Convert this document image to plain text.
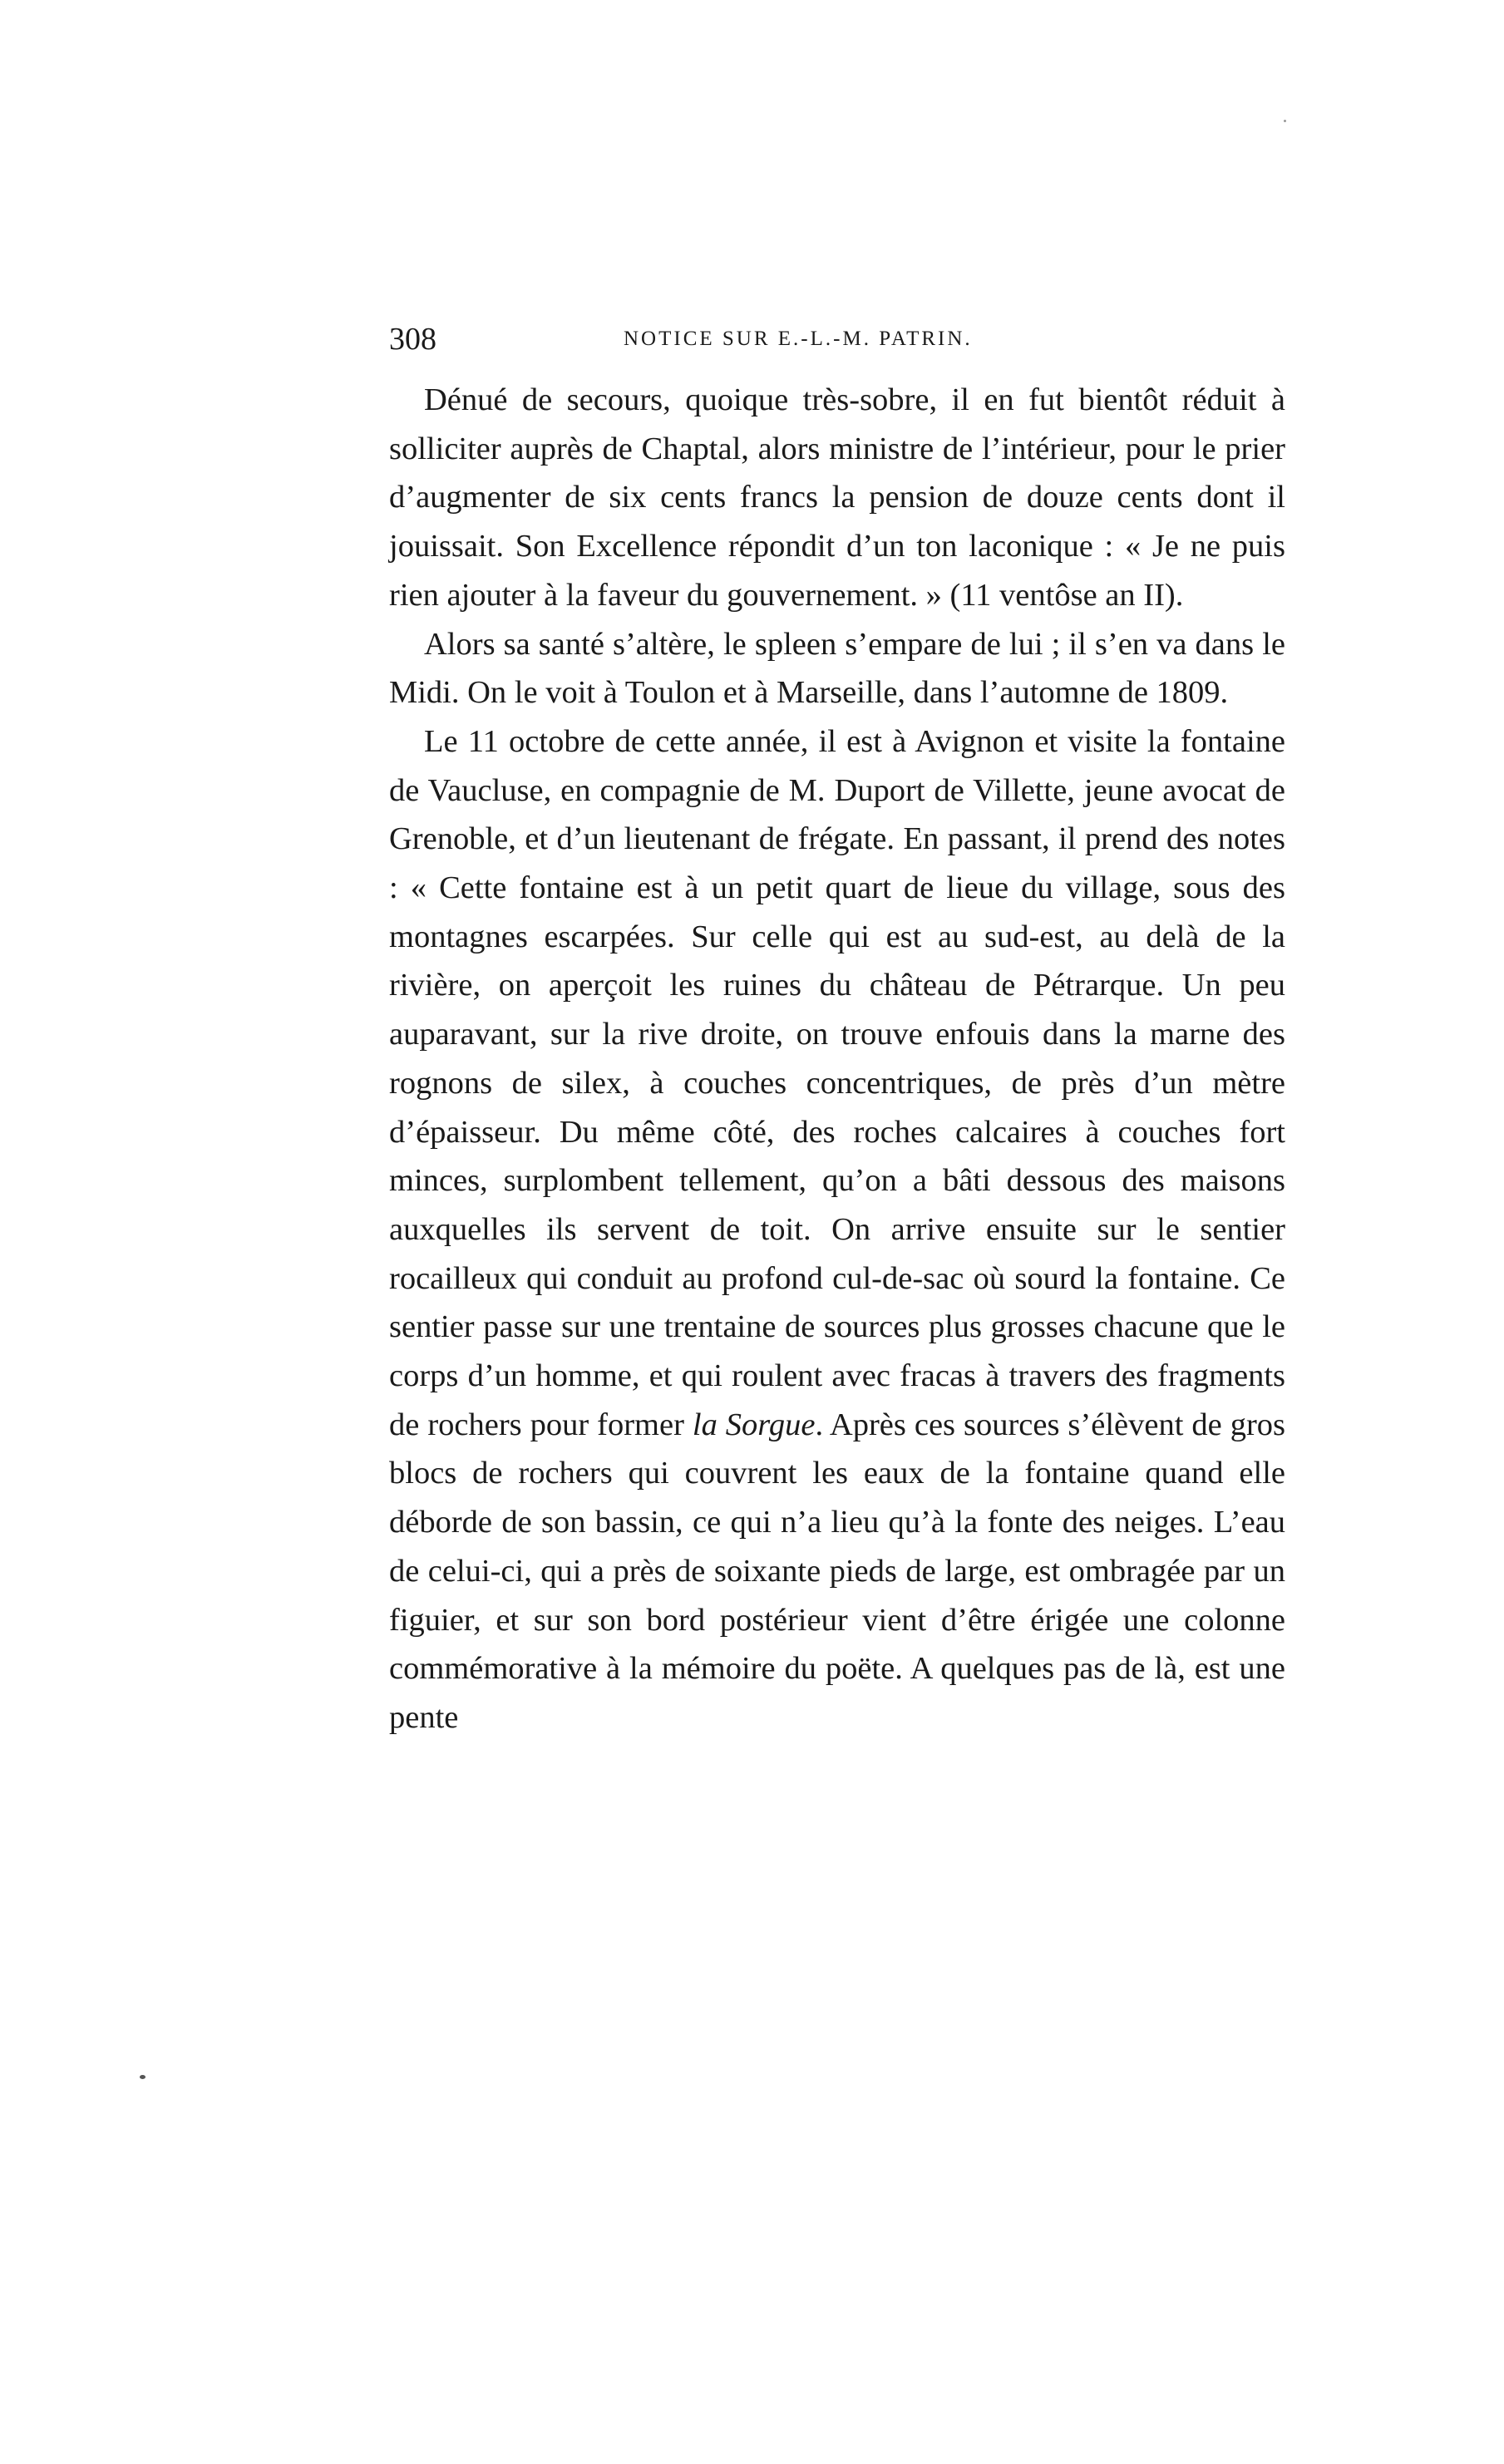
308	NOTICE SUR E.-L.-M. PATRIN.

Dénué de secours, quoique très-sobre, il en fut bientôt réduit à solliciter auprès de Chaptal, alors ministre de l’intérieur, pour le prier d’augmenter de six cents francs la pension de douze cents dont il jouissait. Son Excellence répondit d’un ton laconique : « Je ne puis rien ajouter à la faveur du gouvernement. » (11 ventôse an II).

Alors sa santé s’altère, le spleen s’empare de lui ; il s’en va dans le Midi. On le voit à Toulon et à Marseille, dans l’automne de 1809.

Le 11 octobre de cette année, il est à Avignon et visite la fontaine de Vaucluse, en compagnie de M. Duport de Villette, jeune avocat de Grenoble, et d’un lieutenant de frégate. En passant, il prend des notes : « Cette fontaine est à un petit quart de lieue du village, sous des montagnes escarpées. Sur celle qui est au sud-est, au delà de la rivière, on aperçoit les ruines du château de Pétrarque. Un peu auparavant, sur la rive droite, on trouve enfouis dans la marne des rognons de silex, à couches concentriques, de près d’un mètre d’épaisseur. Du même côté, des roches calcaires à couches fort minces, surplombent tellement, qu’on a bâti dessous des maisons auxquelles ils servent de toit. On arrive ensuite sur le sentier rocailleux qui conduit au profond cul-de-sac où sourd la fontaine. Ce sentier passe sur une trentaine de sources plus grosses chacune que le corps d’un homme, et qui roulent avec fracas à travers des fragments de rochers pour former la Sorgue. Après ces sources s’élèvent de gros blocs de rochers qui couvrent les eaux de la fontaine quand elle déborde de son bassin, ce qui n’a lieu qu’à la fonte des neiges. L’eau de celui-ci, qui a près de soixante pieds de large, est ombragée par un figuier, et sur son bord postérieur vient d’être érigée une colonne commémorative à la mémoire du poëte. A quelques pas de là, est une pente
